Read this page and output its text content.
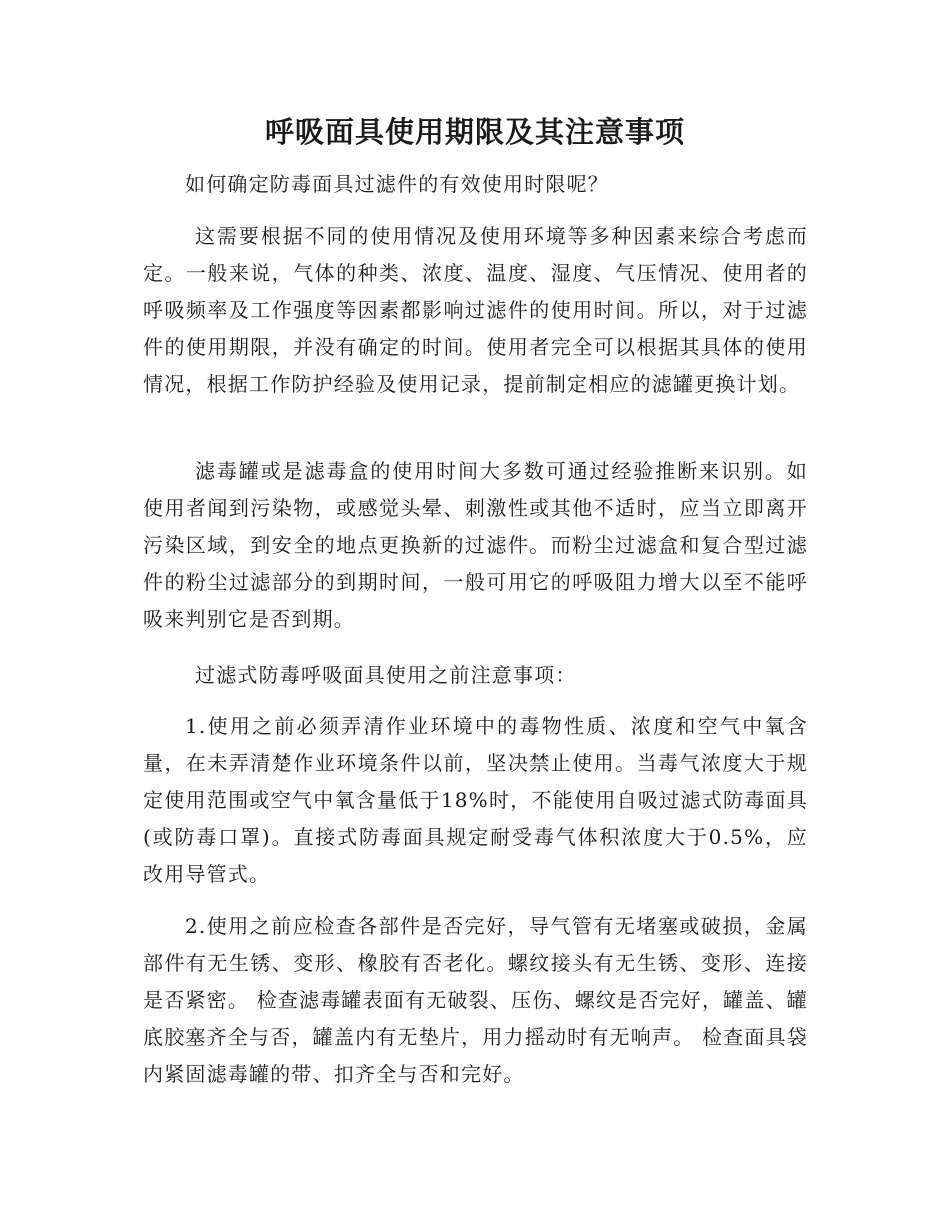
呼吸面具使用期限及其注意事项

如何确定防毒面具过滤件的有效使用时限呢？

这需要根据不同的使用情况及使用环境等多种因素来综合考虑而定。一般来说，气体的种类、浓度、温度、湿度、气压情况、使用者的呼吸频率及工作强度等因素都影响过滤件的使用时间。所以，对于过滤件的使用期限，并没有确定的时间。使用者完全可以根据其具体的使用情况，根据工作防护经验及使用记录，提前制定相应的滤罐更换计划。

滤毒罐或是滤毒盒的使用时间大多数可通过经验推断来识别。如使用者闻到污染物，或感觉头晕、刺激性或其他不适时，应当立即离开污染区域，到安全的地点更换新的过滤件。而粉尘过滤盒和复合型过滤件的粉尘过滤部分的到期时间，一般可用它的呼吸阻力增大以至不能呼吸来判别它是否到期。

过滤式防毒呼吸面具使用之前注意事项：

1.使用之前必须弄清作业环境中的毒物性质、浓度和空气中氧含量，在未弄清楚作业环境条件以前，坚决禁止使用。当毒气浓度大于规定使用范围或空气中氧含量低于18%时，不能使用自吸过滤式防毒面具(或防毒口罩)。直接式防毒面具规定耐受毒气体积浓度大于0.5%，应改用导管式。

2.使用之前应检查各部件是否完好，导气管有无堵塞或破损，金属部件有无生锈、变形、橡胶有否老化。螺纹接头有无生锈、变形、连接是否紧密。 检查滤毒罐表面有无破裂、压伤、螺纹是否完好，罐盖、罐底胶塞齐全与否，罐盖内有无垫片，用力摇动时有无响声。 检查面具袋内紧固滤毒罐的带、扣齐全与否和完好。
